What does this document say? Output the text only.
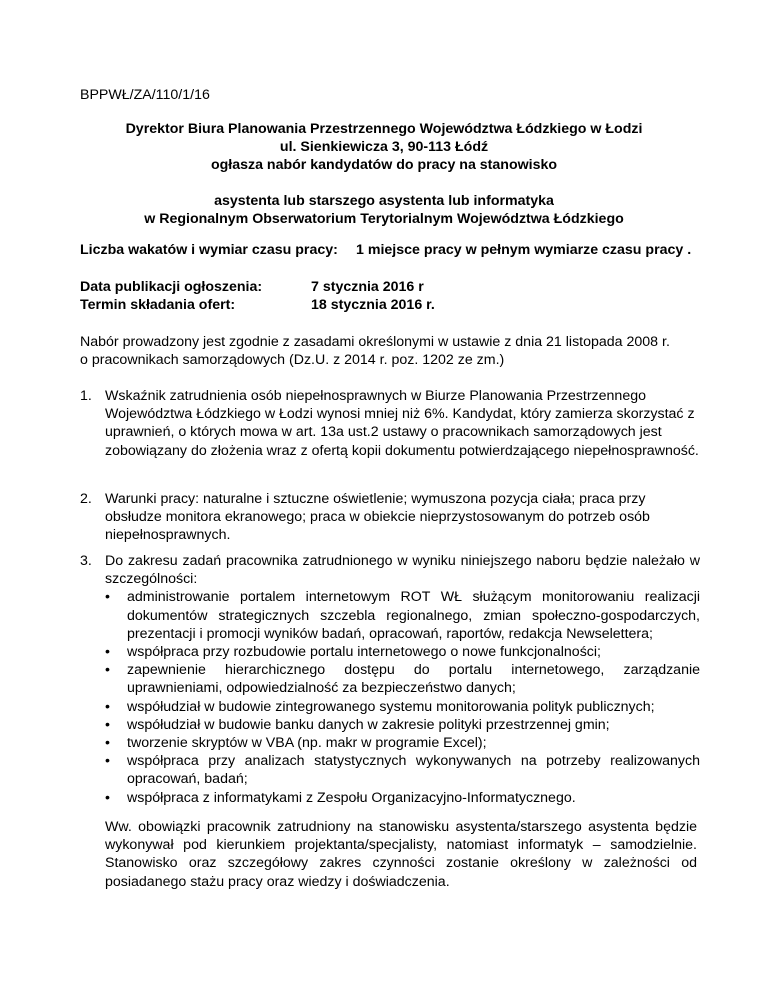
BPPWŁ/ZA/110/1/16
Dyrektor Biura Planowania Przestrzennego Województwa Łódzkiego w Łodzi
ul. Sienkiewicza 3, 90-113 Łódź
ogłasza nabór kandydatów do pracy na stanowisko
asystenta lub starszego asystenta lub informatyka
w Regionalnym Obserwatorium Terytorialnym Województwa Łódzkiego
Liczba wakatów i wymiar czasu pracy: 1 miejsce pracy w pełnym wymiarze czasu pracy .
Data publikacji ogłoszenia:	7 stycznia 2016 r
Termin składania ofert:	18 stycznia 2016 r.
Nabór prowadzony jest zgodnie z zasadami określonymi w ustawie z dnia 21 listopada 2008 r. o pracownikach samorządowych (Dz.U. z 2014 r. poz. 1202 ze zm.)
1. Wskaźnik zatrudnienia osób niepełnosprawnych w Biurze Planowania Przestrzennego Województwa Łódzkiego w Łodzi wynosi mniej niż 6%. Kandydat, który zamierza skorzystać z uprawnień, o których mowa w art. 13a ust.2 ustawy o pracownikach samorządowych jest zobowiązany do złożenia wraz z ofertą kopii dokumentu potwierdzającego niepełnosprawność.
2. Warunki pracy: naturalne i sztuczne oświetlenie; wymuszona pozycja ciała; praca przy obsłudze monitora ekranowego; praca w obiekcie nieprzystosowanym do potrzeb osób niepełnosprawnych.
3. Do zakresu zadań pracownika zatrudnionego w wyniku niniejszego naboru będzie należało w szczególności:
•
administrowanie portalem internetowym ROT WŁ służącym monitorowaniu realizacji dokumentów strategicznych szczebla regionalnego, zmian społeczno-gospodarczych, prezentacji i promocji wyników badań, opracowań, raportów, redakcja Newselettera;
•
współpraca przy rozbudowie portalu internetowego o nowe funkcjonalności;
•
zapewnienie hierarchicznego dostępu do portalu internetowego, zarządzanie uprawnieniami, odpowiedzialność za bezpieczeństwo danych;
•
współudział w budowie zintegrowanego systemu monitorowania polityk publicznych;
•
współudział w budowie banku danych w zakresie polityki przestrzennej gmin;
•
tworzenie skryptów w VBA (np. makr w programie Excel);
•
współpraca przy analizach statystycznych wykonywanych na potrzeby realizowanych opracowań, badań;
•
współpraca z informatykami z Zespołu Organizacyjno-Informatycznego.
Ww. obowiązki pracownik zatrudniony na stanowisku asystenta/starszego asystenta będzie wykonywał pod kierunkiem projektanta/specjalisty, natomiast informatyk – samodzielnie. Stanowisko oraz szczegółowy zakres czynności zostanie określony w zależności od posiadanego stażu pracy oraz wiedzy i doświadczenia.
